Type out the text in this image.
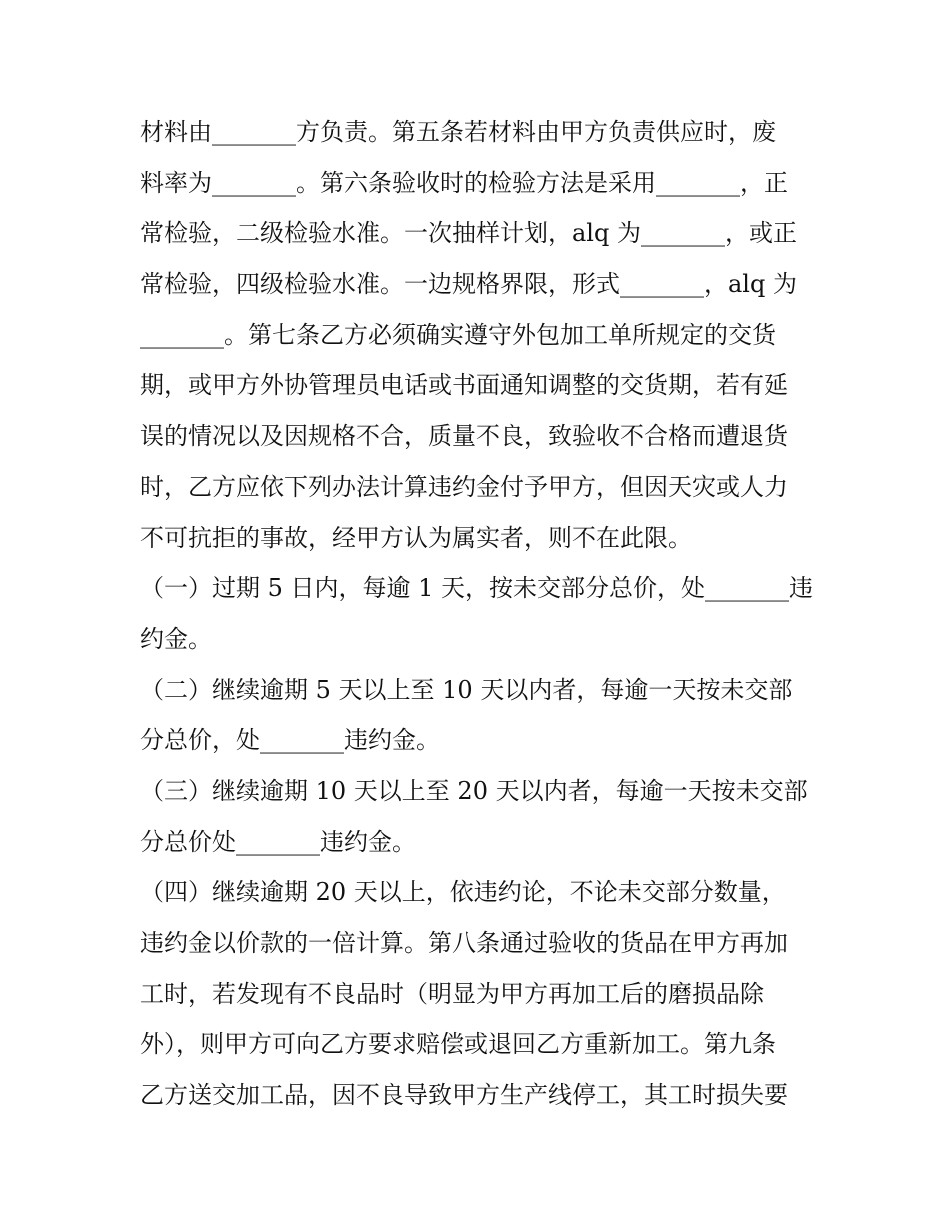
材料由_______方负责。第五条若材料由甲方负责供应时，废
料率为_______。第六条验收时的检验方法是采用_______，正
常检验，二级检验水准。一次抽样计划，alq 为_______，或正
常检验，四级检验水准。一边规格界限，形式_______，alq 为
_______。第七条乙方必须确实遵守外包加工单所规定的交货
期，或甲方外协管理员电话或书面通知调整的交货期，若有延
误的情况以及因规格不合，质量不良，致验收不合格而遭退货
时，乙方应依下列办法计算违约金付予甲方，但因天灾或人力
不可抗拒的事故，经甲方认为属实者，则不在此限。
（一）过期 5 日内，每逾 1 天，按未交部分总价，处_______违
约金。
（二）继续逾期 5 天以上至 10 天以内者，每逾一天按未交部
分总价，处_______违约金。
（三）继续逾期 10 天以上至 20 天以内者，每逾一天按未交部
分总价处_______违约金。
（四）继续逾期 20 天以上，依违约论，不论未交部分数量，
违约金以价款的一倍计算。第八条通过验收的货品在甲方再加
工时，若发现有不良品时（明显为甲方再加工后的磨损品除
外），则甲方可向乙方要求赔偿或退回乙方重新加工。第九条
乙方送交加工品，因不良导致甲方生产线停工，其工时损失要
